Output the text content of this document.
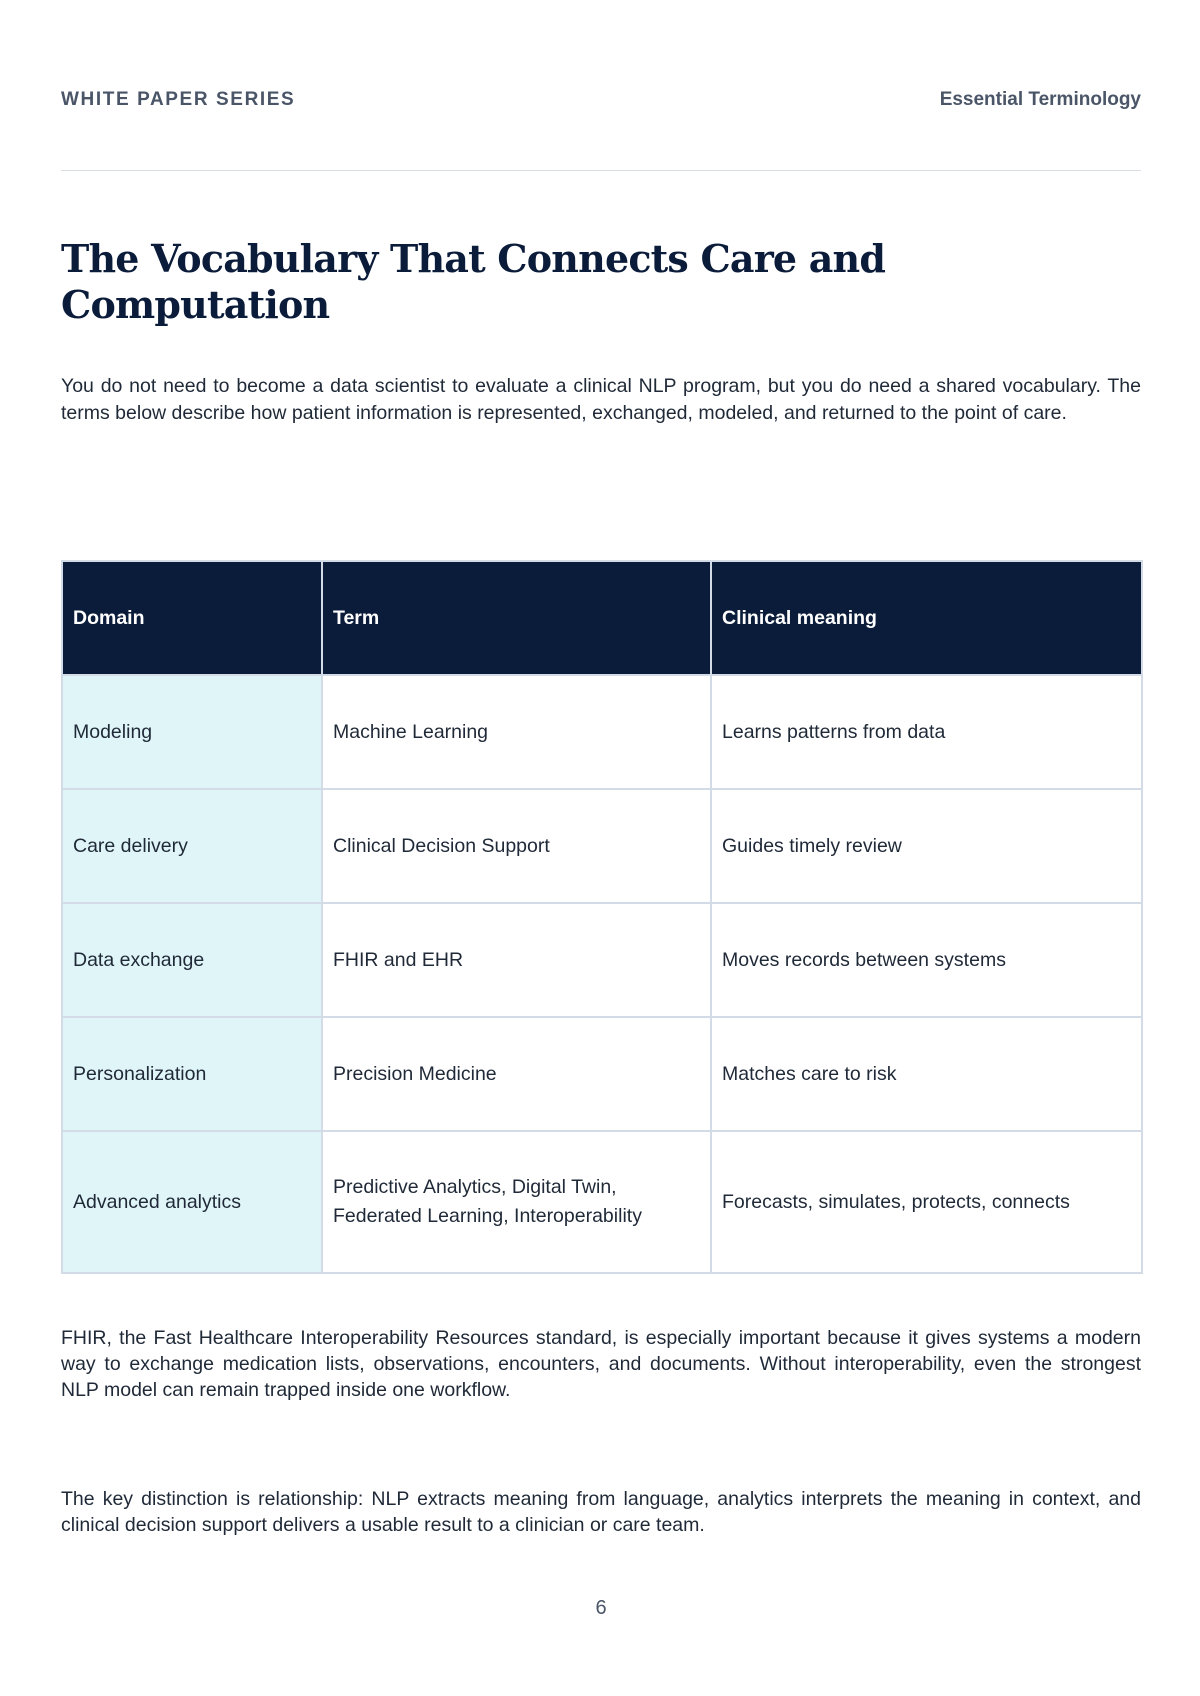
WHITE PAPER SERIES	Essential Terminology
The Vocabulary That Connects Care and Computation

You do not need to become a data scientist to evaluate a clinical NLP program, but you do need a shared vocabulary. The terms below describe how patient information is represented, exchanged, modeled, and returned to the point of care.

Domain	Term	Clinical meaning
Modeling	Machine Learning	Learns patterns from data
Care delivery	Clinical Decision Support	Guides timely review
Data exchange	FHIR and EHR	Moves records between systems
Personalization	Precision Medicine	Matches care to risk
Advanced analytics	Predictive Analytics, Digital Twin, Federated Learning, Interoperability	Forecasts, simulates, protects, connects

FHIR, the Fast Healthcare Interoperability Resources standard, is especially important because it gives systems a modern way to exchange medication lists, observations, encounters, and documents. Without interoperability, even the strongest NLP model can remain trapped inside one workflow.

The key distinction is relationship: NLP extracts meaning from language, analytics interprets the meaning in context, and clinical decision support delivers a usable result to a clinician or care team.

6
